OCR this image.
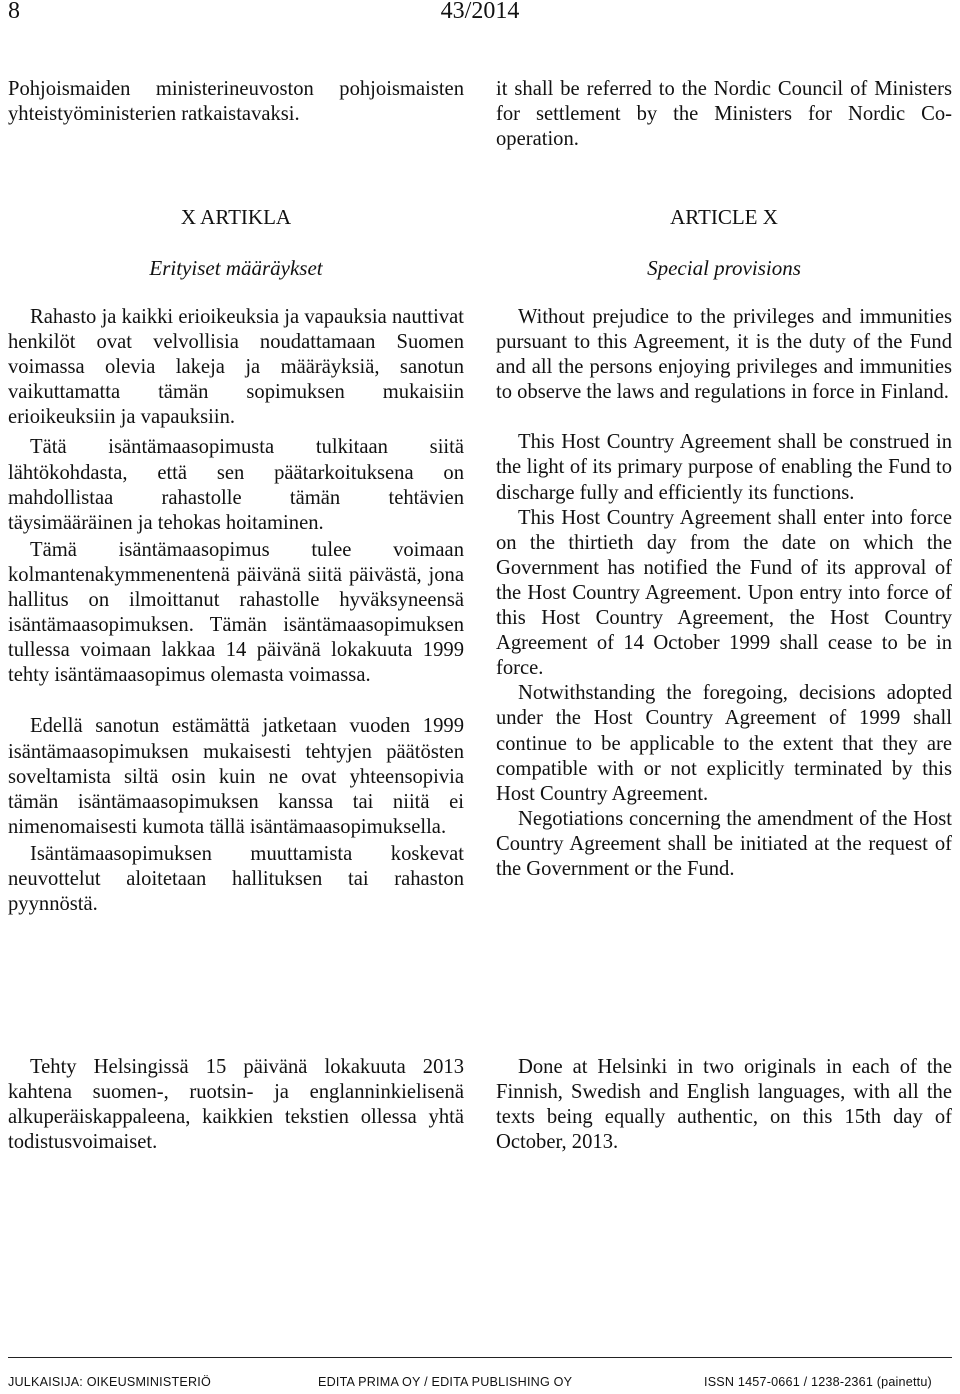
8	43/2014

Pohjoismaiden ministerineuvoston pohjoismaisten yhteistyöministerien ratkaistavaksi.

it shall be referred to the Nordic Council of Ministers for settlement by the Ministers for Nordic Co-operation.

X ARTIKLA
Erityiset määräykset

Rahasto ja kaikki erioikeuksia ja vapauksia nauttivat henkilöt ovat velvollisia noudattamaan Suomen voimassa olevia lakeja ja määräyksiä, sanotun vaikuttamatta tämän sopimuksen mukaisiin erioikeuksiin ja vapauksiin.

Tätä isäntämaasopimusta tulkitaan siitä lähtökohdasta, että sen päätarkoituksena on mahdollistaa rahastolle tämän tehtävien täysimääräinen ja tehokas hoitaminen.

Tämä isäntämaasopimus tulee voimaan kolmantenakymmenentenä päivänä siitä päivästä, jona hallitus on ilmoittanut rahastolle hyväksyneensä isäntämaasopimuksen. Tämän isäntämaasopimuksen tullessa voimaan lakkaa 14 päivänä lokakuuta 1999 tehty isäntämaasopimus olemasta voimassa.

Edellä sanotun estämättä jatketaan vuoden 1999 isäntämaasopimuksen mukaisesti tehtyjen päätösten soveltamista siltä osin kuin ne ovat yhteensopivia tämän isäntämaasopimuksen kanssa tai niitä ei nimenomaisesti kumota tällä isäntämaasopimuksella.

Isäntämaasopimuksen muuttamista koskevat neuvottelut aloitetaan hallituksen tai rahaston pyynnöstä.

ARTICLE X
Special provisions

Without prejudice to the privileges and immunities pursuant to this Agreement, it is the duty of the Fund and all the persons enjoying privileges and immunities to observe the laws and regulations in force in Finland.

This Host Country Agreement shall be construed in the light of its primary purpose of enabling the Fund to discharge fully and efficiently its functions.

This Host Country Agreement shall enter into force on the thirtieth day from the date on which the Government has notified the Fund of its approval of the Host Country Agreement. Upon entry into force of this Host Country Agreement, the Host Country Agreement of 14 October 1999 shall cease to be in force.

Notwithstanding the foregoing, decisions adopted under the Host Country Agreement of 1999 shall continue to be applicable to the extent that they are compatible with or not explicitly terminated by this Host Country Agreement.

Negotiations concerning the amendment of the Host Country Agreement shall be initiated at the request of the Government or the Fund.

Tehty Helsingissä 15 päivänä lokakuuta 2013 kahtena suomen-, ruotsin- ja englanninkielisenä alkuperäiskappaleena, kaikkien tekstien ollessa yhtä todistusvoimaiset.

Done at Helsinki in two originals in each of the Finnish, Swedish and English languages, with all the texts being equally authentic, on this 15th day of October, 2013.

JULKAISIJA: OIKEUSMINISTERIÖ	EDITA PRIMA OY / EDITA PUBLISHING OY	ISSN 1457-0661 / 1238-2361 (painettu)
